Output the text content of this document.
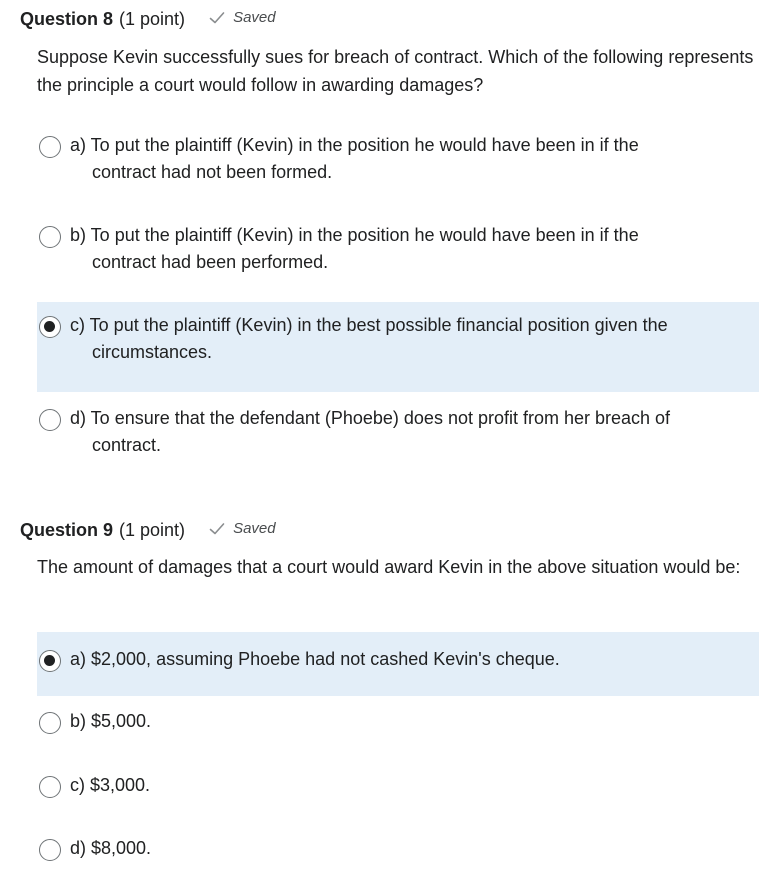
Question 8 (1 point)	Saved
Suppose Kevin successfully sues for breach of contract. Which of the following represents the principle a court would follow in awarding damages?
a) To put the plaintiff (Kevin) in the position he would have been in if the
contract had not been formed.
b) To put the plaintiff (Kevin) in the position he would have been in if the
contract had been performed.
c) To put the plaintiff (Kevin) in the best possible financial position given the
circumstances.
d) To ensure that the defendant (Phoebe) does not profit from her breach of
contract.
Question 9 (1 point)	Saved
The amount of damages that a court would award Kevin in the above situation would be:
a) $2,000, assuming Phoebe had not cashed Kevin's cheque.
b) $5,000.
c) $3,000.
d) $8,000.
